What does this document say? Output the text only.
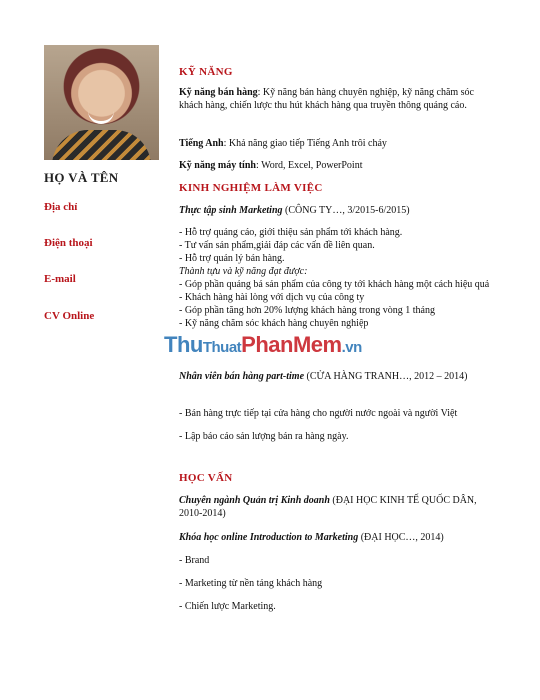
HỌ VÀ TÊN
Địa chỉ
Điện thoại
E-mail
CV Online
KỸ NĂNG
Kỹ năng bán hàng: Kỹ năng bán hàng chuyên nghiệp, kỹ năng chăm sóc khách hàng, chiến lược thu hút khách hàng qua truyền thông quảng cáo.
Tiếng Anh: Khả năng giao tiếp Tiếng Anh trôi chảy
Kỹ năng máy tính: Word, Excel, PowerPoint
KINH NGHIỆM LÀM VIỆC
Thực tập sinh Marketing (CÔNG TY…, 3/2015-6/2015)
- Hỗ trợ quảng cáo, giới thiệu sản phẩm tới khách hàng.
- Tư vấn sản phẩm,giải đáp các vấn đề liên quan.
- Hỗ trợ quản lý bán hàng.
Thành tựu và kỹ năng đạt được:
- Góp phần quảng bá sản phẩm của công ty tới khách hàng một cách hiệu quả
- Khách hàng hài lòng với dịch vụ của công ty
- Góp phần tăng hơn 20% lượng khách hàng trong vòng 1 tháng
- Kỹ năng chăm sóc khách hàng chuyên nghiệp
ThuThuatPhanMem.vn
Nhân viên bán hàng part-time (CỬA HÀNG TRANH…, 2012 – 2014)
- Bán hàng trực tiếp tại cửa hàng cho người nước ngoài và người Việt
- Lập báo cáo sản lượng bán ra hàng ngày.
HỌC VẤN
Chuyên ngành Quản trị Kinh doanh (ĐẠI HỌC KINH TẾ QUỐC DÂN, 2010-2014)
Khóa học online Introduction to Marketing (ĐẠI HỌC…, 2014)
- Brand
- Marketing từ nền tảng khách hàng
- Chiến lược Marketing.
